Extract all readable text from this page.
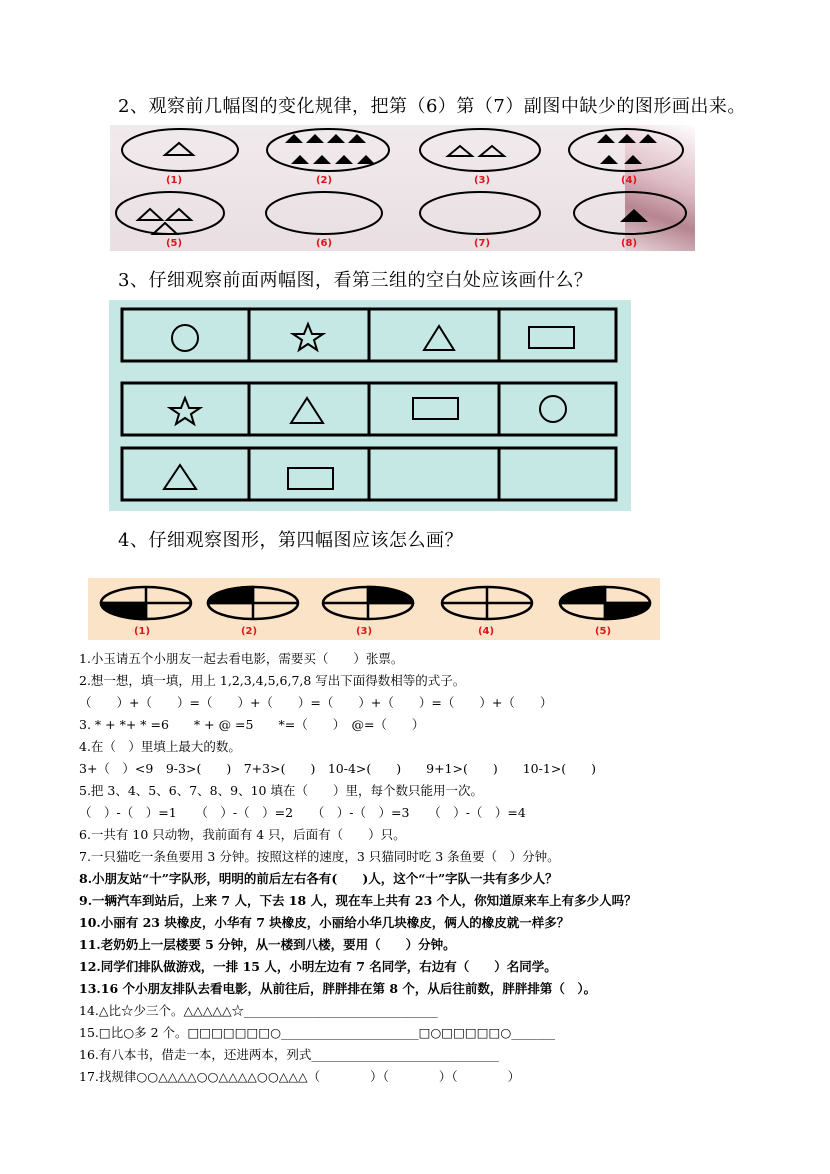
2、观察前几幅图的变化规律，把第（6）第（7）副图中缺少的图形画出来。
(1)	(2)	(3)	(4)
(5)	(6)	(7)	(8)
3、仔细观察前面两幅图，看第三组的空白处应该画什么？
4、仔细观察图形，第四幅图应该怎么画？
(1)	(2)	(3)	(4)	(5)
1.小玉请五个小朋友一起去看电影，需要买（　　）张票。
2.想一想，填一填，用上 1,2,3,4,5,6,7,8 写出下面得数相等的式子。
（　　）+（　　）=（　　）+（　　）=（　　）+（　　）=（　　）+（　　）
3. * + *+ * =6　　* + @ =5　　*=（　　）　@=（　　）
4.在（　）里填上最大的数。
3+（　）<9　9-3>(　　)　7+3>(　　)　10-4>(　　)　　9+1>(　　)　　10-1>(　　)
5.把 3、4、5、6、7、8、9、10 填在（　　）里，每个数只能用一次。
（　）-（　）=1　　（　）-（　）=2　　（　）-（　）=3　　（　）-（　）=4
6.一共有 10 只动物，我前面有 4 只，后面有（　　）只。
7.一只猫吃一条鱼要用 3 分钟。按照这样的速度，3 只猫同时吃 3 条鱼要（　）分钟。
8.小朋友站“十”字队形，明明的前后左右各有(　　)人，这个“十”字队一共有多少人？
9.一辆汽车到站后，上来 7 人，下去 18 人，现在车上共有 23 个人，你知道原来车上有多少人吗？
10.小丽有 23 块橡皮，小华有 7 块橡皮，小丽给小华几块橡皮，俩人的橡皮就一样多？
11.老奶奶上一层楼要 5 分钟，从一楼到八楼，要用（　　）分钟。
12.同学们排队做游戏，一排 15 人，小明左边有 7 名同学，右边有（　　）名同学。
13.16 个小朋友排队去看电影，从前往后，胖胖排在第 8 个，从后往前数，胖胖排第（　）。
14.△比☆少三个。△△△△△☆_______________________________
15.□比○多 2 个。□□□□□□□○______________________□○□□□□□○_______
16.有八本书，借走一本，还进两本，列式______________________________
17.找规律○○△△△△○○△△△△○○△△△（　　　　）（　　　　）（　　　　）
